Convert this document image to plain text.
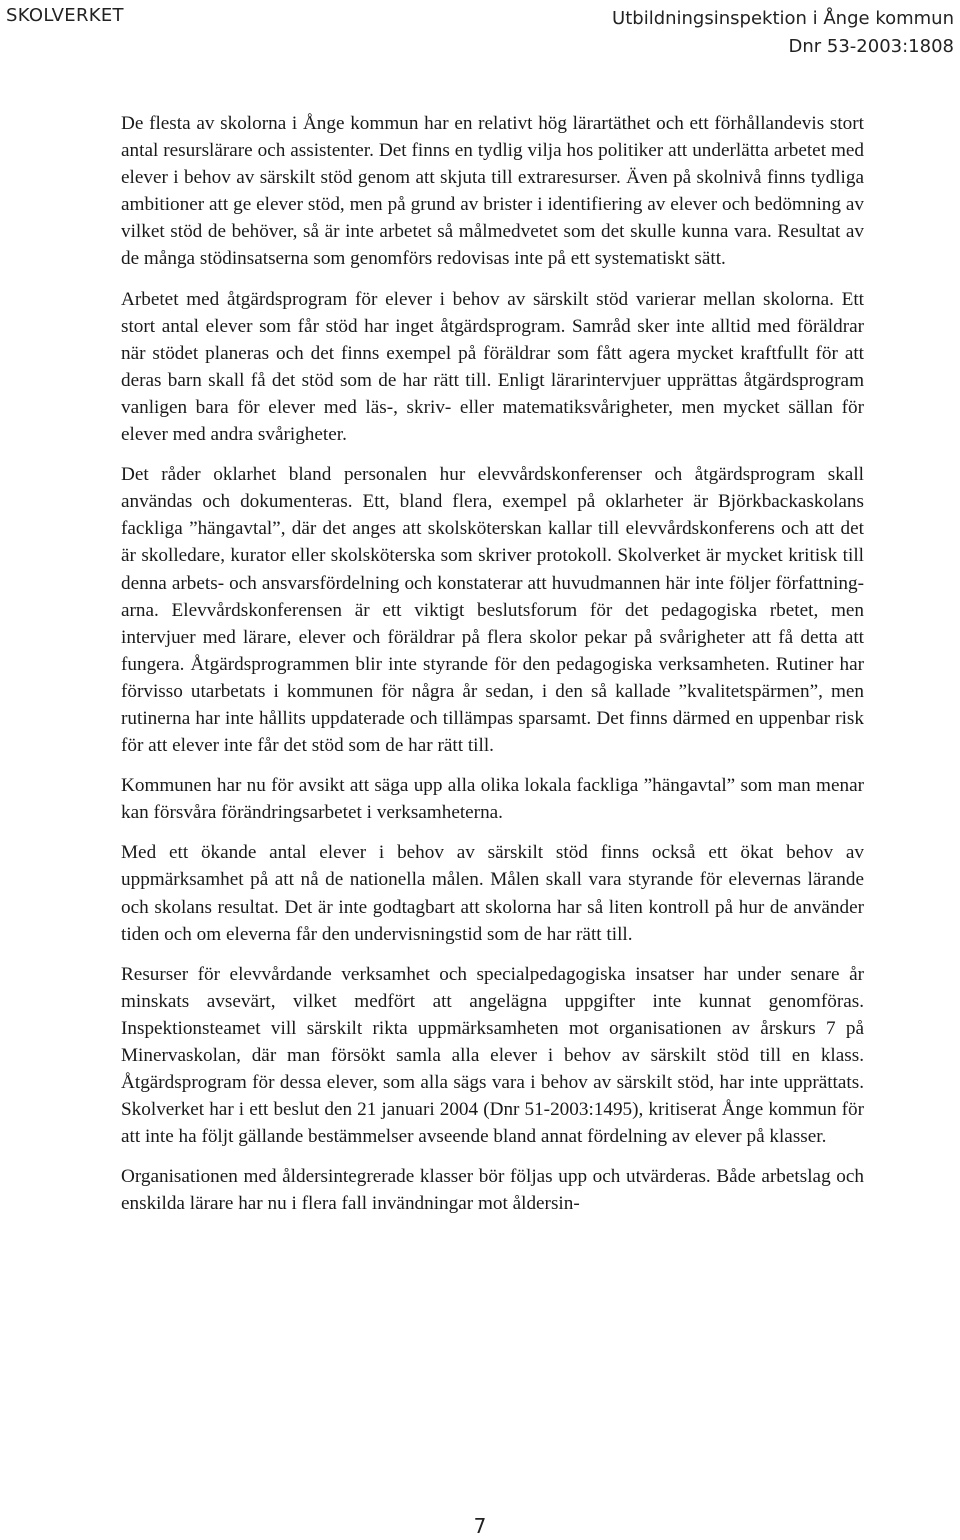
SKOLVERKET	Utbildningsinspektion i Ånge kommun
Dnr 53-2003:1808

De flesta av skolorna i Ånge kommun har en relativt hög lärartäthet och ett förhållandevis stort antal resurslärare och assistenter. Det finns en tydlig vilja hos politiker att underlätta arbetet med elever i behov av särskilt stöd genom att skjuta till extraresurser. Även på skolnivå finns tydliga ambitioner att ge elever stöd, men på grund av brister i identifiering av elever och bedömning av vilket stöd de behöver, så är inte arbetet så målmedvetet som det skulle kunna vara. Resultat av de många stödinsatserna som genomförs redovisas inte på ett systematiskt sätt.

Arbetet med åtgärdsprogram för elever i behov av särskilt stöd varierar mellan skolorna. Ett stort antal elever som får stöd har inget åtgärdsprogram. Samråd sker inte alltid med föräldrar när stödet planeras och det finns exempel på föräldrar som fått agera mycket kraftfullt för att deras barn skall få det stöd som de har rätt till. Enligt lärarintervjuer upprättas åtgärdsprogram vanligen bara för elever med läs-, skriv- eller matematiksvårigheter, men mycket sällan för elever med andra svårigheter.

Det råder oklarhet bland personalen hur elevvårdskonferenser och åtgärdsprogram skall användas och dokumenteras. Ett, bland flera, exempel på oklarheter är Björkbackaskolans fackliga ”hängavtal”, där det anges att skolsköterskan kallar till elevvårdskonferens och att det är skolledare, kurator eller skolsköterska som skriver protokoll. Skolverket är mycket kritisk till denna arbets- och ansvarsfördelning och konstaterar att huvudmannen här inte följer författningarna. Elevvårdskonferensen är ett viktigt beslutsforum för det pedagogiska rbetet, men intervjuer med lärare, elever och föräldrar på flera skolor pekar på svårigheter att få detta att fungera. Åtgärdsprogrammen blir inte styrande för den pedagogiska verksamheten. Rutiner har förvisso utarbetats i kommunen för några år sedan, i den så kallade ”kvalitetspärmen”, men rutinerna har inte hållits uppdaterade och tillämpas sparsamt. Det finns därmed en uppenbar risk för att elever inte får det stöd som de har rätt till.

Kommunen har nu för avsikt att säga upp alla olika lokala fackliga ”hängavtal” som man menar kan försvåra förändringsarbetet i verksamheterna.

Med ett ökande antal elever i behov av särskilt stöd finns också ett ökat behov av uppmärksamhet på att nå de nationella målen. Målen skall vara styrande för elevernas lärande och skolans resultat. Det är inte godtagbart att skolorna har så liten kontroll på hur de använder tiden och om eleverna får den undervisningstid som de har rätt till.

Resurser för elevvårdande verksamhet och specialpedagogiska insatser har under senare år minskats avsevärt, vilket medfört att angelägna uppgifter inte kunnat genomföras. Inspektionsteamet vill särskilt rikta uppmärksamheten mot organisationen av årskurs 7 på Minervaskolan, där man försökt samla alla elever i behov av särskilt stöd till en klass. Åtgärdsprogram för dessa elever, som alla sägs vara i behov av särskilt stöd, har inte upprättats. Skolverket har i ett beslut den 21 januari 2004 (Dnr 51-2003:1495), kritiserat Ånge kommun för att inte ha följt gällande bestämmelser avseende bland annat fördelning av elever på klasser.

Organisationen med åldersintegrerade klasser bör följas upp och utvärderas. Både arbetslag och enskilda lärare har nu i flera fall invändningar mot åldersin-

7
